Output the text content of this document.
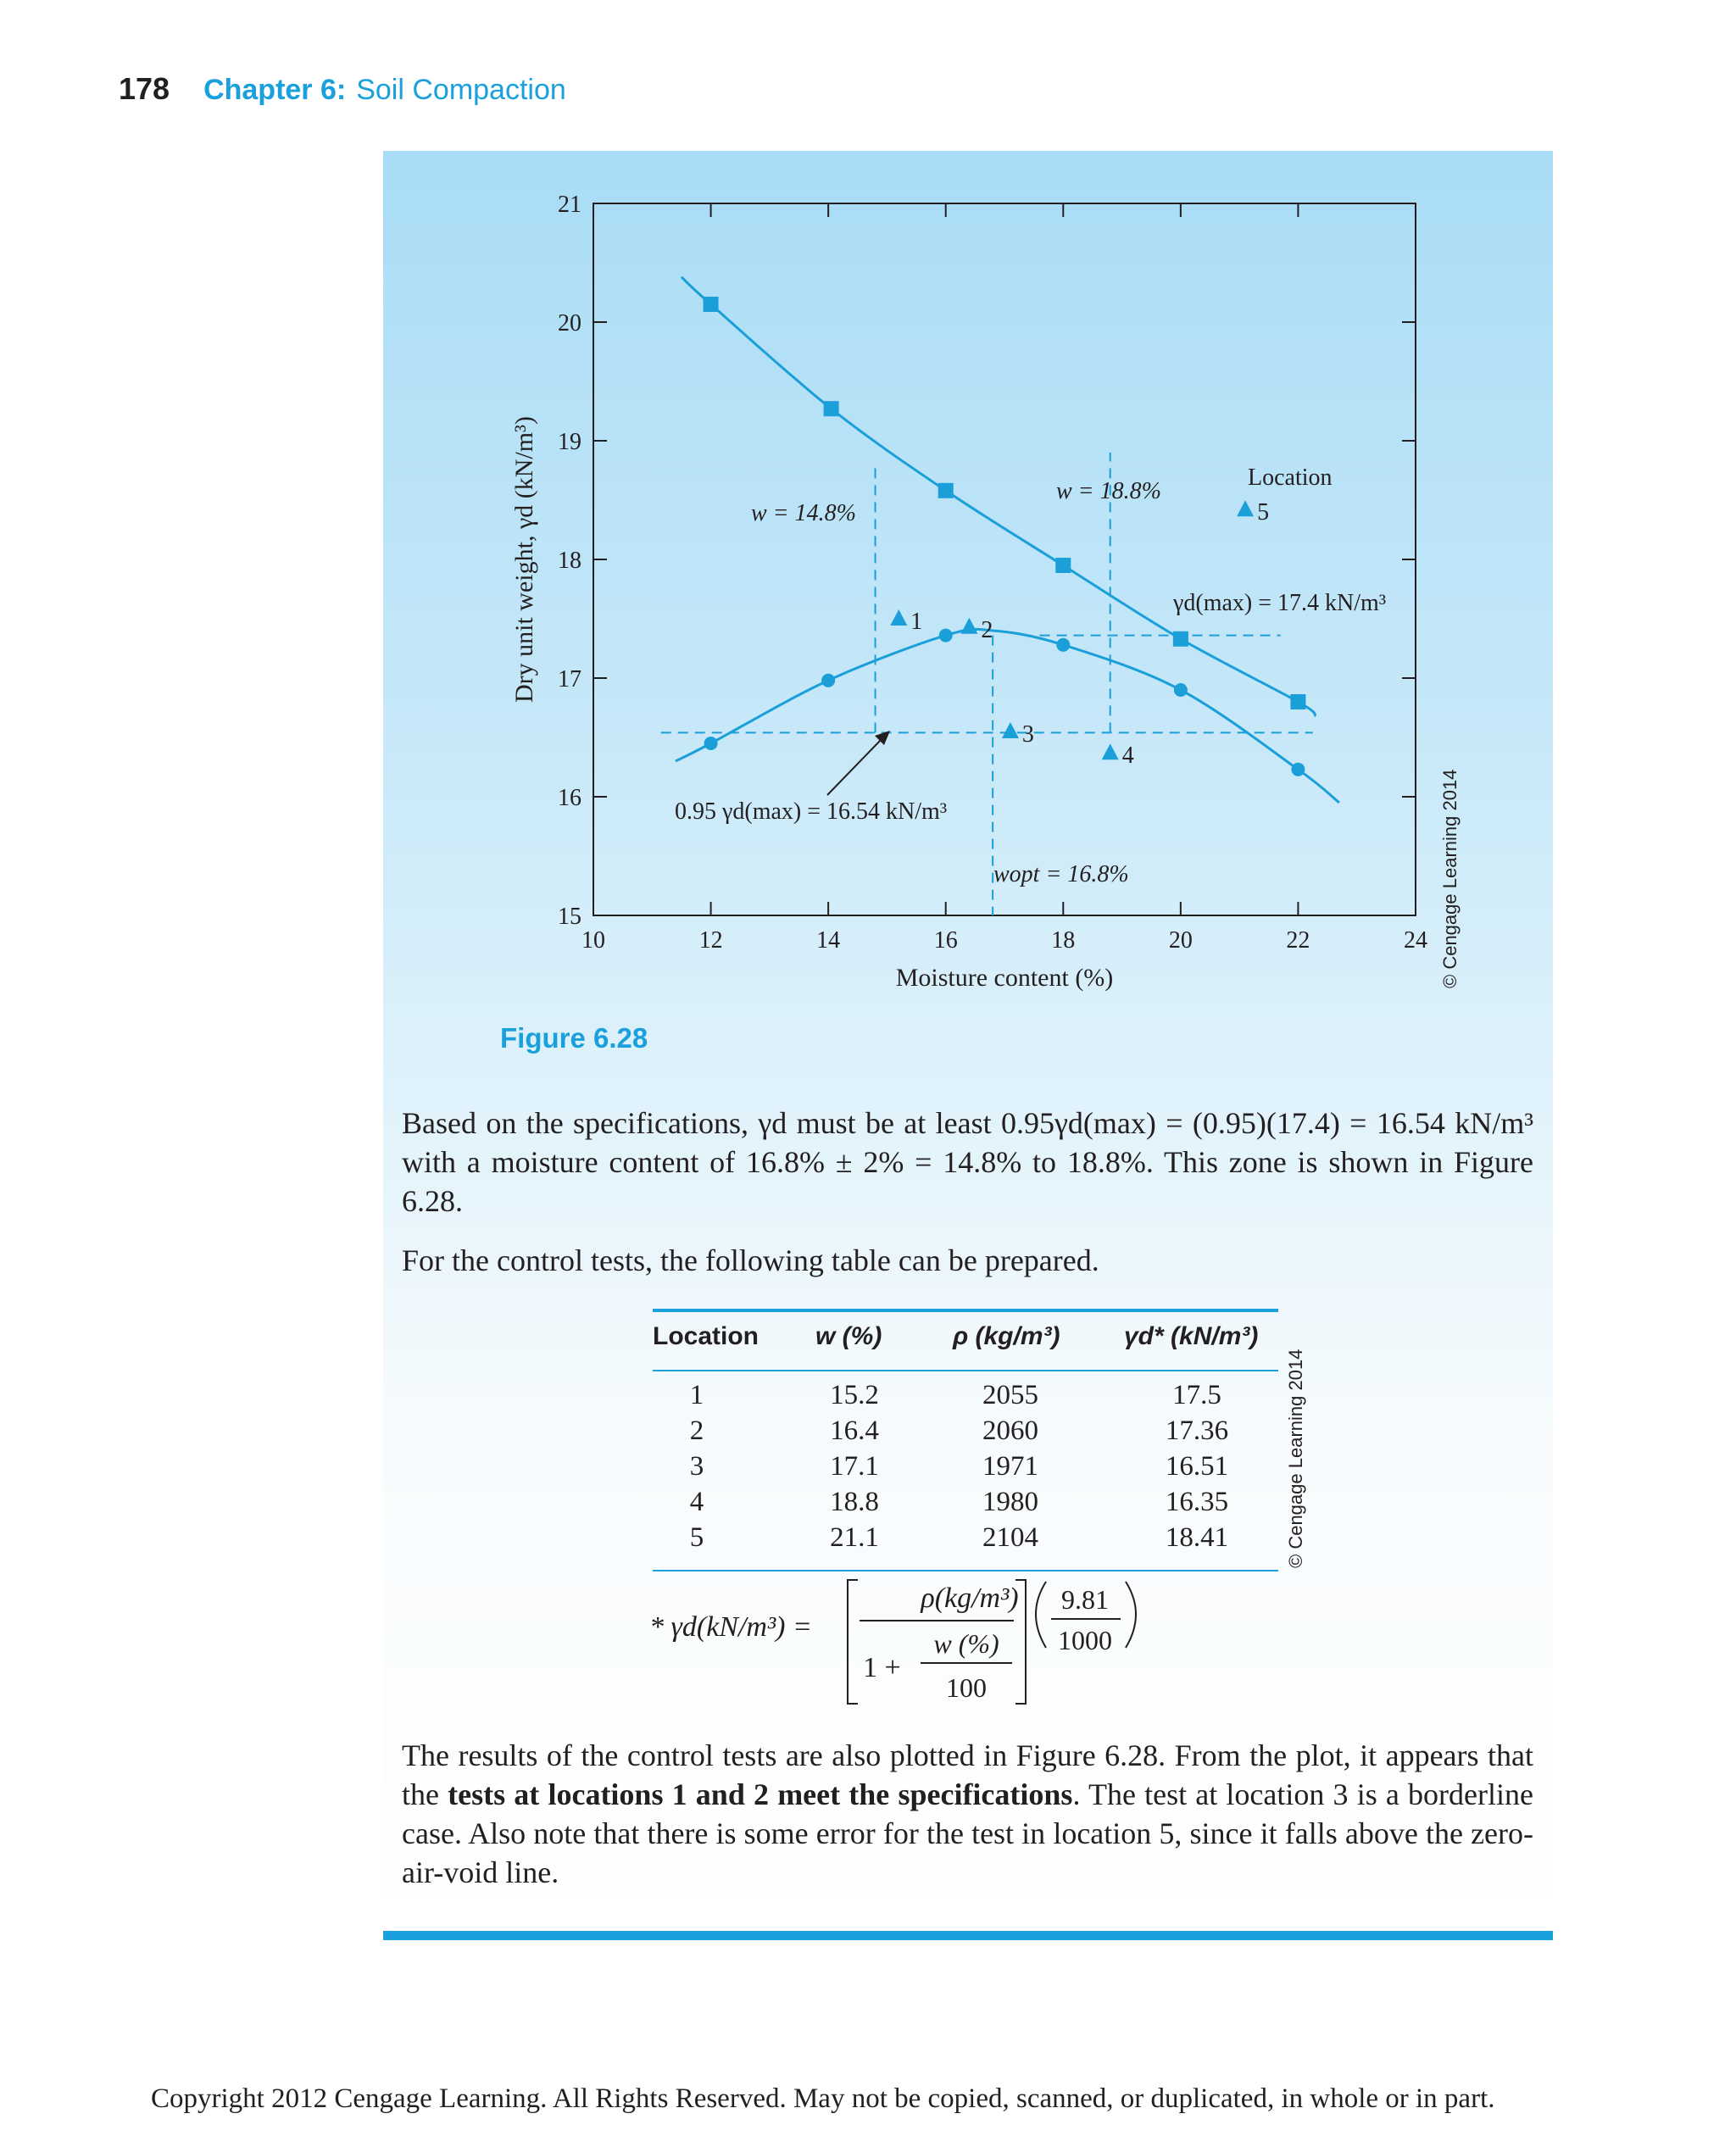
178 Chapter 6: Soil Compaction
10	12	14	16	18	20	22	24
15
16
17
18
19
20
21
1 2
3
4
5
Moisture content (%)
Dry unit weight, γd (kN/m³)	w = 14.8%
w = 18.8%
Location
γd(max) = 17.4 kN/m³
0.95 γd(max) = 16.54 kN/m³
wopt = 16.8%	© Cengage Learning 2014
Figure 6.28
Based on the specifications, γd must be at least 0.95γd(max) = (0.95)(17.4) = 16.54 kN/m³ with a moisture content of 16.8% ± 2% = 14.8% to 18.8%. This zone is shown in Figure 6.28.
For the control tests, the following table can be prepared.
Location w (%)	ρ (kg/m³)	γd* (kN/m³)
1	15.2	2055	17.5
2	16.4	2060	17.36
3	17.1	1971	16.51
4	18.8	1980	16.35
5	21.1	2104	18.41	© Cengage Learning 2014
* γd(kN/m³) =
ρ(kg/m³)
1 +
w (%)
100
9.81
1000
The results of the control tests are also plotted in Figure 6.28. From the plot, it appears that the tests at locations 1 and 2 meet the specifications. The test at location 3 is a borderline case. Also note that there is some error for the test in location 5, since it falls above the zero-air-void line.
Copyright 2012 Cengage Learning. All Rights Reserved. May not be copied, scanned, or duplicated, in whole or in part.
